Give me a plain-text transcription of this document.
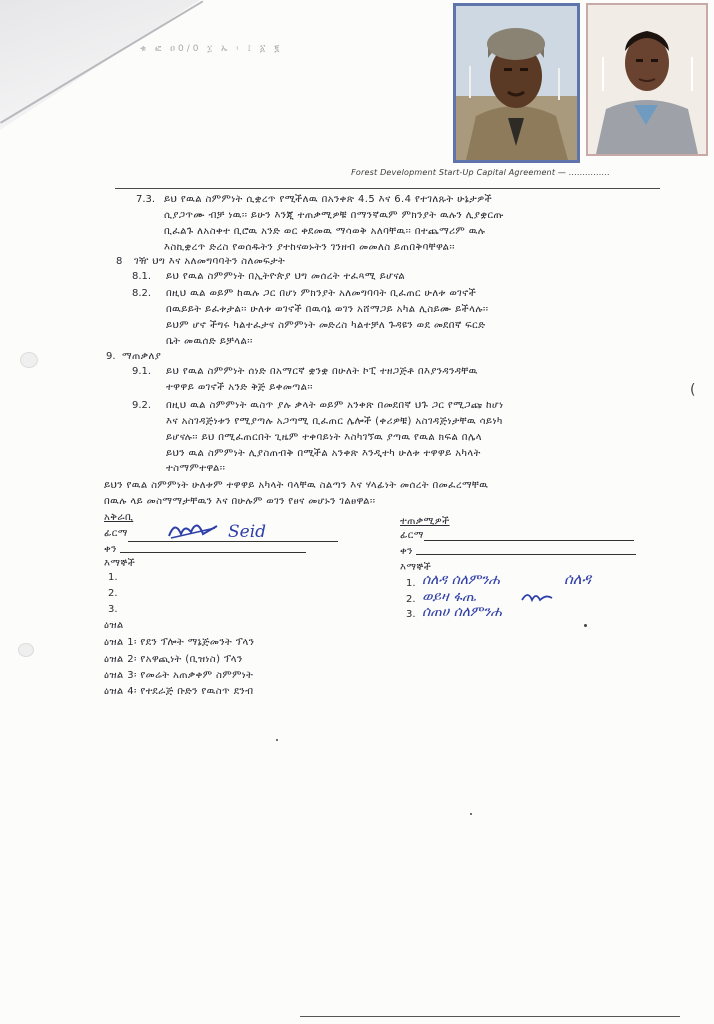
ቁ ፎ ዐ0/0 ፲ ኡ ፡ ፤ ፩ ፪
Forest Development Start-Up Capital Agreement — ...............
7.3. ይህ የዉል ስምምነት ሲቋረጥ የሚችለዉ በአንቀጽ 4.5 እና 6.4 የተገለጹት ሁኔታዎች
ሲያጋጥሙ ብቻ ነዉ፡፡ ይሁን እንጂ ተጠቃሚዎቹ በማንኛዉም ምክንያት ዉሉን ሊያቋርጡ
ቢፈልጉ ለአስቀተ ቢሮዉ አንድ ወር ቀደመዉ ማሳወቅ አለባቸዉ፡፡ በተጨማሪም ዉሉ
እስኪቋረጥ ድረስ የወሰዱትን ያተከናወኑትን ገንዘብ መመለስ ይጠበቅባቸዋል፡፡
8 ገዥ ህግ እና አለመግባባትን ስለመፍታት
8.1. ይህ የዉል ስምምነት በኢትዮጵያ ህግ መሰረት ተፈጻሚ ይሆናል
8.2. በዚህ ዉል ወይም ከዉሉ ጋር በሆነ ምክንያት አለመግባባት ቢፈጠር ሁለቱ ወገኖች
በዉይይት ይፈቱታል፡፡ ሁለቱ ወገኖች በዉሳኔ ወገን አሸማጋይ አካል ሊስይሙ ይችላሉ፡፡
ይህም ሆኖ ችግሩ ካልተፈታና ስምምነት መድረስ ካልተቻለ ጉዳዩን ወደ መደበኛ ፍርድ
ቤት መዉሰድ ይቻላል፡፡
9. ማጠቃለያ
9.1. ይህ የዉል ስምምነት ሰነድ በአማርኛ ቋንቋ በሁለት ኮፒ ተዘጋጅቶ በእያንዳንዳቸዉ
ተዋዋይ ወገኖች አንድ ቅጅ ይቀመጣል፡፡
9.2. በዚህ ዉል ስምምነት ዉስጥ ያሉ ቃላት ወይም አንቀጽ በመደበኛ ህጉ ጋር የሚጋጩ ከሆነ
እና አስገዳጅነቱን የሚያጣሉ አጋጣሚ ቢፈጠር ሌሎች (ቀሪዎቹ) አስገዳጅነታቸዉ ሳይነካ
ይሆናሉ፡፡ ይህ በሚፈጠርበት ጊዜም ተቀባይነት እስካገኘዉ ያጣዉ የዉል ክፍል በሌላ
ይህን ዉል ስምምነት ሊያስጠብቅ በሚችል አንቀጽ እንዲተካ ሁለቱ ተዋዋይ አካላት
ተስማምተዋል፡፡
ይህን የዉል ስምምነት ሁለቱም ተዋዋይ አካላት ባላቸዉ ስልጣን እና ሃላፊነት መሰረት በመፈረማቸዉ
በዉሉ ላይ መስማማታቸዉን እና በሁሉም ወገን የፀና መሆኑን ገልፀዋል፡፡
(
አቅራቢ
ፊርማ	Seid
ቀን
እማኞች
1.
2.
3.
ተጠቃሚዎች
ፊርማ
ቀን
እማኞች
1. ሰለዳ ሰለምንሐ	ሰለዳ
2. ወይዛ ፋጤ
3. ሰጠሀ ሰለምንሐ
ዕዝል
ዕዝል 1፡ የደን ፕሎት ማኔጅመንት ፕላን
ዕዝል 2፡ የአዋጪነት (ቢዝነስ) ፕላን
ዕዝል 3፡ የመሬት አጠቃቀም ስምምነት
ዕዝል 4፡ የተደራጅ ቡድን የዉስጥ ደንብ
